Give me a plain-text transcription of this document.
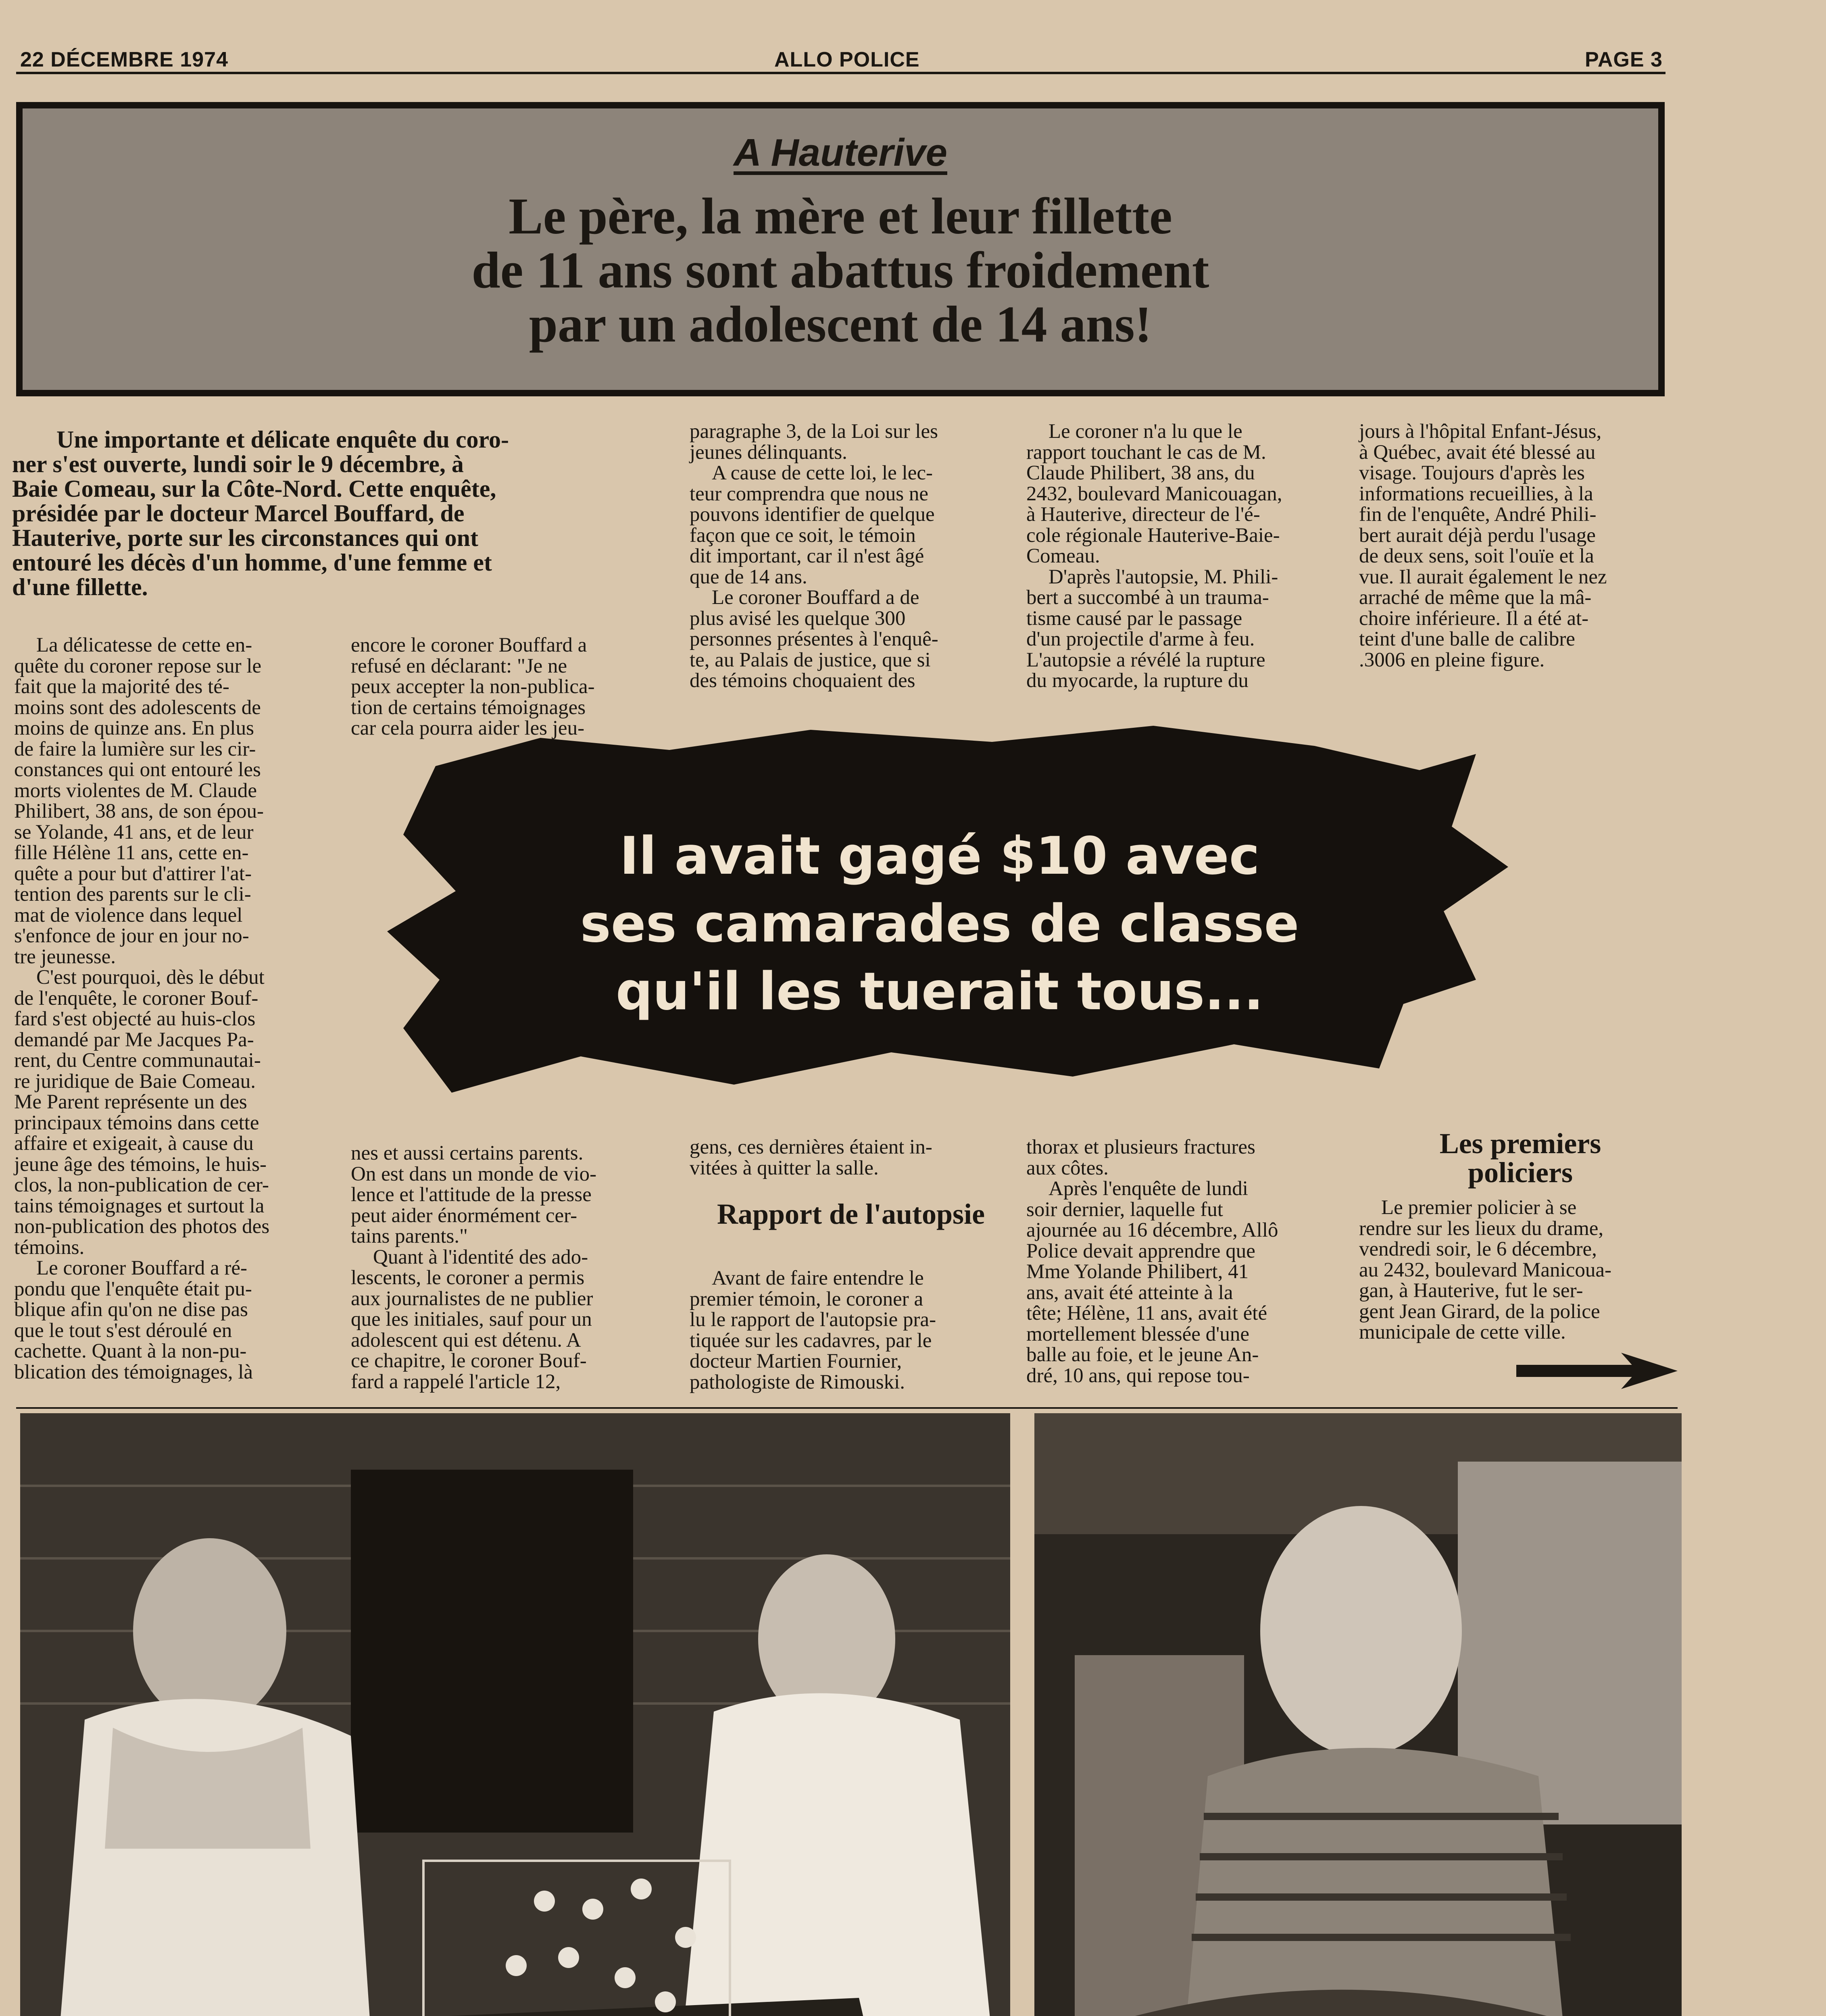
22 DÉCEMBRE 1974	ALLO POLICE	PAGE 3
A Hauterive
Le père, la mère et leur fillette
de 11 ans sont abattus froidement
par un adolescent de 14 ans!
Une importante et délicate enquête du coro-
ner s'est ouverte, lundi soir le 9 décembre, à
Baie Comeau, sur la Côte-Nord. Cette enquête,
présidée par le docteur Marcel Bouffard, de
Hauterive, porte sur les circonstances qui ont
entouré les décès d'un homme, d'une femme et
d'une fillette.
La délicatesse de cette en-
quête du coroner repose sur le
fait que la majorité des té-
moins sont des adolescents de
moins de quinze ans. En plus
de faire la lumière sur les cir-
constances qui ont entouré les
morts violentes de M. Claude
Philibert, 38 ans, de son épou-
se Yolande, 41 ans, et de leur
fille Hélène 11 ans, cette en-
quête a pour but d'attirer l'at-
tention des parents sur le cli-
mat de violence dans lequel
s'enfonce de jour en jour no-
tre jeunesse.
C'est pourquoi, dès le début
de l'enquête, le coroner Bouf-
fard s'est objecté au huis-clos
demandé par Me Jacques Pa-
rent, du Centre communautai-
re juridique de Baie Comeau.
Me Parent représente un des
principaux témoins dans cette
affaire et exigeait, à cause du
jeune âge des témoins, le huis-
clos, la non-publication de cer-
tains témoignages et surtout la
non-publication des photos des
témoins.
Le coroner Bouffard a ré-
pondu que l'enquête était pu-
blique afin qu'on ne dise pas
que le tout s'est déroulé en
cachette. Quant à la non-pu-
blication des témoignages, là
encore le coroner Bouffard a
refusé en déclarant: "Je ne
peux accepter la non-publica-
tion de certains témoignages
car cela pourra aider les jeu-
nes et aussi certains parents.
On est dans un monde de vio-
lence et l'attitude de la presse
peut aider énormément cer-
tains parents."
Quant à l'identité des ado-
lescents, le coroner a permis
aux journalistes de ne publier
que les initiales, sauf pour un
adolescent qui est détenu. A
ce chapitre, le coroner Bouf-
fard a rappelé l'article 12,
paragraphe 3, de la Loi sur les
jeunes délinquants.
A cause de cette loi, le lec-
teur comprendra que nous ne
pouvons identifier de quelque
façon que ce soit, le témoin
dit important, car il n'est âgé
que de 14 ans.
Le coroner Bouffard a de
plus avisé les quelque 300
personnes présentes à l'enquê-
te, au Palais de justice, que si
des témoins choquaient des
gens, ces dernières étaient in-
vitées à quitter la salle.
Rapport de l'autopsie
Avant de faire entendre le
premier témoin, le coroner a
lu le rapport de l'autopsie pra-
tiquée sur les cadavres, par le
docteur Martien Fournier,
pathologiste de Rimouski.
Le coroner n'a lu que le
rapport touchant le cas de M.
Claude Philibert, 38 ans, du
2432, boulevard Manicouagan,
à Hauterive, directeur de l'é-
cole régionale Hauterive-Baie-
Comeau.
D'après l'autopsie, M. Phili-
bert a succombé à un trauma-
tisme causé par le passage
d'un projectile d'arme à feu.
L'autopsie a révélé la rupture
du myocarde, la rupture du
thorax et plusieurs fractures
aux côtes.
Après l'enquête de lundi
soir dernier, laquelle fut
ajournée au 16 décembre, Allô
Police devait apprendre que
Mme Yolande Philibert, 41
ans, avait été atteinte à la
tête; Hélène, 11 ans, avait été
mortellement blessée d'une
balle au foie, et le jeune An-
dré, 10 ans, qui repose tou-
jours à l'hôpital Enfant-Jésus,
à Québec, avait été blessé au
visage. Toujours d'après les
informations recueillies, à la
fin de l'enquête, André Phili-
bert aurait déjà perdu l'usage
de deux sens, soit l'ouïe et la
vue. Il aurait également le nez
arraché de même que la mâ-
choire inférieure. Il a été at-
teint d'une balle de calibre
.3006 en pleine figure.
Les premiers policiers
Le premier policier à se
rendre sur les lieux du drame,
vendredi soir, le 6 décembre,
au 2432, boulevard Manicoua-
gan, à Hauterive, fut le ser-
gent Jean Girard, de la police
municipale de cette ville.
Il avait gagé $10 avec
ses camarades de classe
qu'il les tuerait tous...
